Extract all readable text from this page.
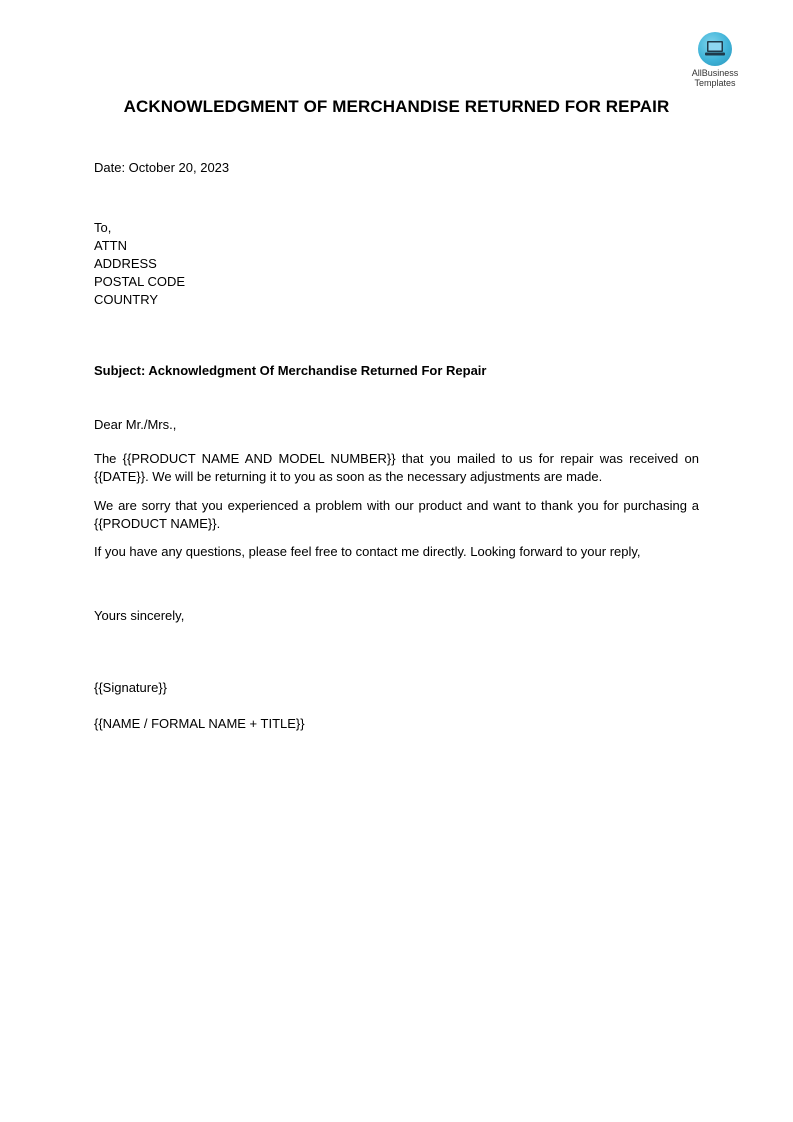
AllBusiness
Templates
ACKNOWLEDGMENT OF MERCHANDISE RETURNED FOR REPAIR
Date: October 20, 2023
To,
ATTN
ADDRESS
POSTAL CODE
COUNTRY
Subject: Acknowledgment Of Merchandise Returned For Repair
Dear Mr./Mrs.,
The {{PRODUCT NAME AND MODEL NUMBER}} that you mailed to us for repair was received on {{DATE}}. We will be returning it to you as soon as the necessary adjustments are made.
We are sorry that you experienced a problem with our product and want to thank you for purchasing a {{PRODUCT NAME}}.
If you have any questions, please feel free to contact me directly. Looking forward to your reply,
Yours sincerely,
{{Signature}}
{{NAME / FORMAL NAME + TITLE}}
